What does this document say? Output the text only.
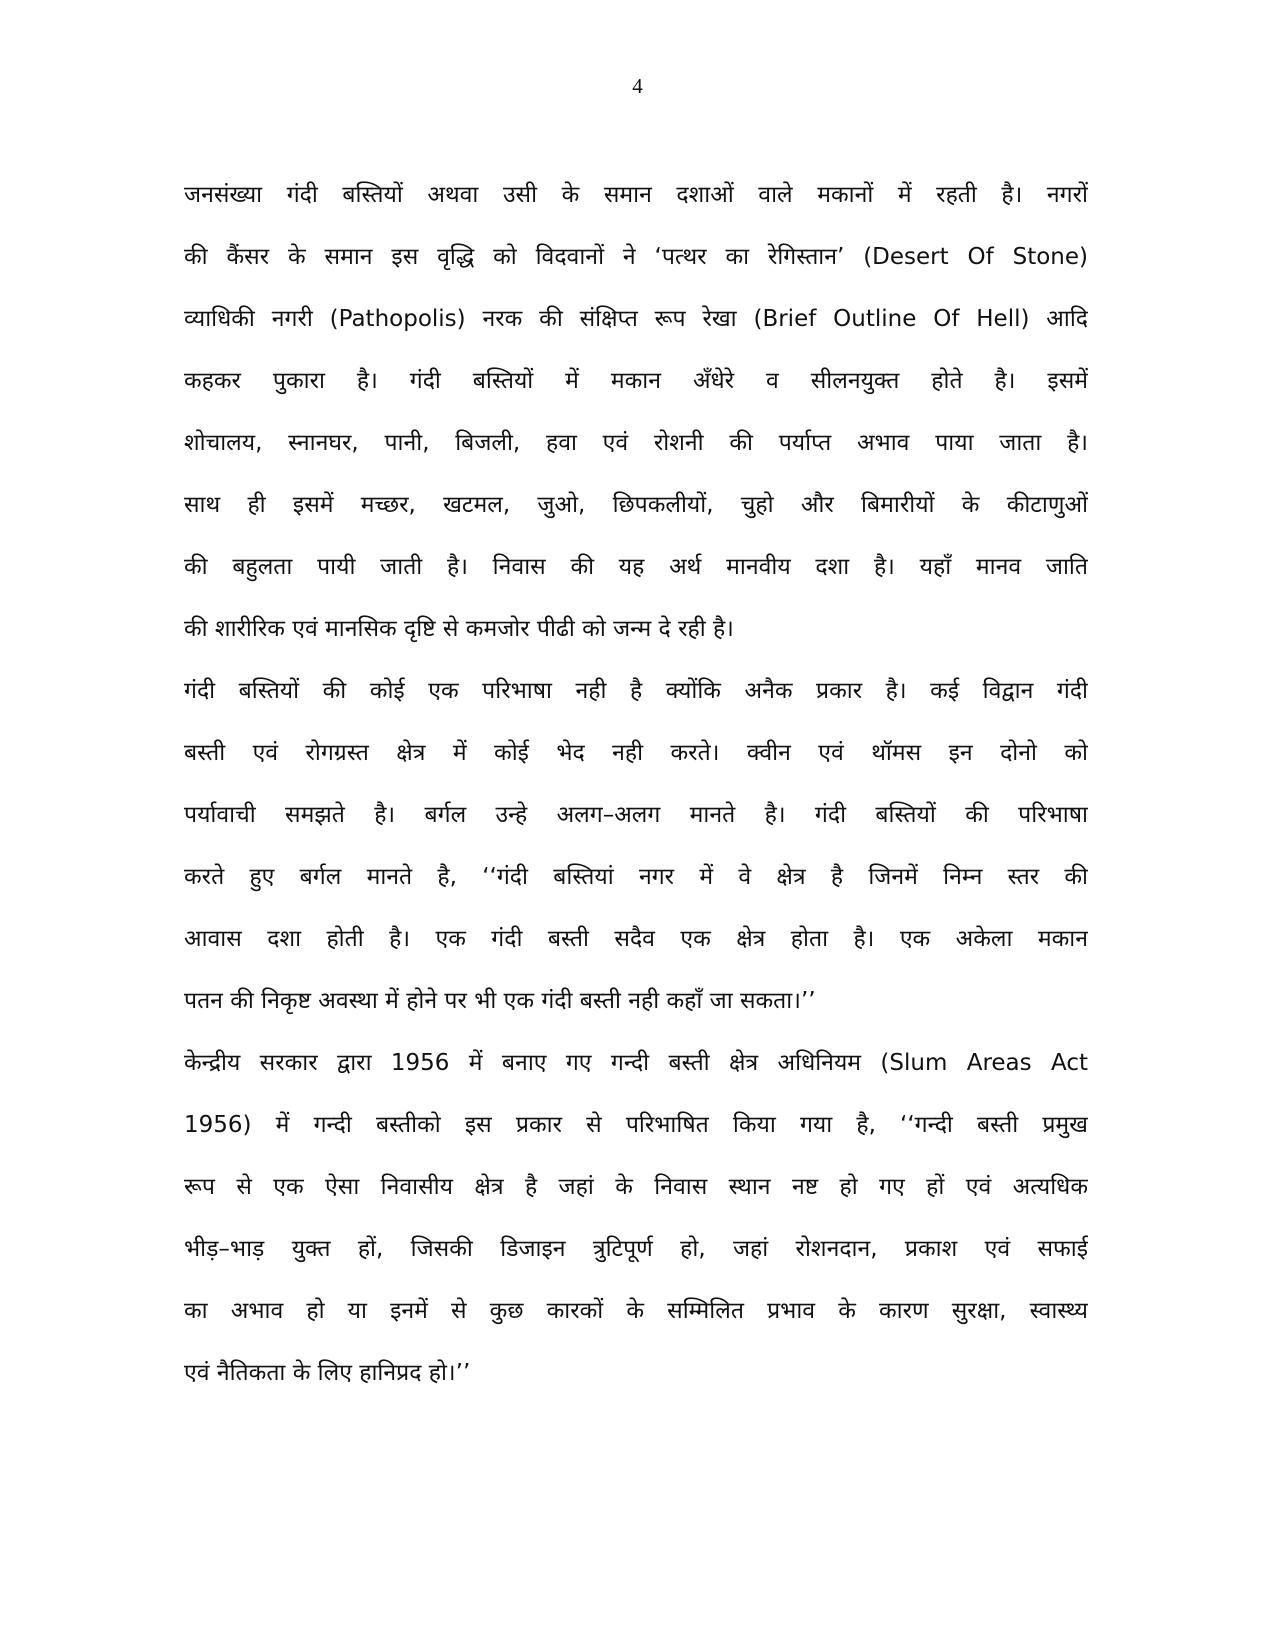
4
जनसंख्या गंदी बस्तियों अथवा उसी के समान दशाओं वाले मकानों में रहती है। नगरों
की कैंसर के समान इस वृद्धि को विदवानों ने ‘पत्थर का रेगिस्तान’ (Desert Of Stone)
व्याधिकी नगरी (Pathopolis) नरक की संक्षिप्त रूप रेखा (Brief Outline Of Hell) आदि
कहकर पुकारा है। गंदी बस्तियों में मकान अँधेरे व सीलनयुक्त होते है। इसमें
शोचालय, स्नानघर, पानी, बिजली, हवा एवं रोशनी की पर्याप्त अभाव पाया जाता है।
साथ ही इसमें मच्छर, खटमल, जुओ, छिपकलीयों, चुहो और बिमारीयों के कीटाणुओं
की बहुलता पायी जाती है। निवास की यह अर्थ मानवीय दशा है। यहाँ मानव जाति
की शारीरिक एवं मानसिक दृष्टि से कमजोर पीढी को जन्म दे रही है।
गंदी बस्तियों की कोई एक परिभाषा नही है क्योंकि अनैक प्रकार है। कई विद्वान गंदी
बस्ती एवं रोगग्रस्त क्षेत्र में कोई भेद नही करते। क्वीन एवं थॉमस इन दोनो को
पर्यावाची समझते है। बर्गल उन्हे अलग–अलग मानते है। गंदी बस्तियों की परिभाषा
करते हुए बर्गल मानते है, ‘‘गंदी बस्तियां नगर में वे क्षेत्र है जिनमें निम्न स्तर की
आवास दशा होती है। एक गंदी बस्ती सदैव एक क्षेत्र होता है। एक अकेला मकान
पतन की निकृष्ट अवस्था में होने पर भी एक गंदी बस्ती नही कहाँ जा सकता।’’
केन्द्रीय सरकार द्वारा 1956 में बनाए गए गन्दी बस्ती क्षेत्र अधिनियम (Slum Areas Act
1956) में गन्दी बस्तीको इस प्रकार से परिभाषित किया गया है, ‘‘गन्दी बस्ती प्रमुख
रूप से एक ऐसा निवासीय क्षेत्र है जहां के निवास स्थान नष्ट हो गए हों एवं अत्यधिक
भीड़–भाड़ युक्त हों, जिसकी डिजाइन त्रुटिपूर्ण हो, जहां रोशनदान, प्रकाश एवं सफाई
का अभाव हो या इनमें से कुछ कारकों के सम्मिलित प्रभाव के कारण सुरक्षा, स्वास्थ्य
एवं नैतिकता के लिए हानिप्रद हो।’’
